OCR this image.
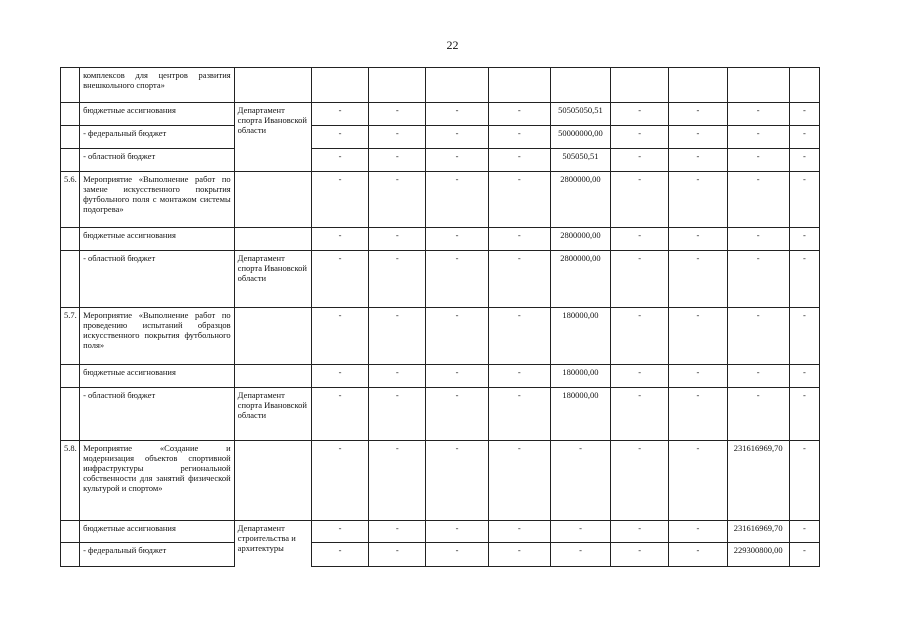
22
	комплексов для центров развития внешкольного спорта»										
	бюджетные ассигнования	Департамент спорта Ивановской области	-	-	-	-	50505050,51	-	-	-	-
	- федеральный бюджет		-	-	-	-	50000000,00	-	-	-	-
	- областной бюджет		-	-	-	-	505050,51	-	-	-	-
5.6.	Мероприятие «Выполнение работ по замене искусственного покрытия футбольного поля с монтажом системы подогрева»		-	-	-	-	2800000,00	-	-	-	-
	бюджетные ассигнования		-	-	-	-	2800000,00	-	-	-	-
	- областной бюджет	Департамент спорта Ивановской области	-	-	-	-	2800000,00	-	-	-	-
5.7.	Мероприятие «Выполнение работ по проведению испытаний образцов искусственного покрытия футбольного поля»		-	-	-	-	180000,00	-	-	-	-
	бюджетные ассигнования		-	-	-	-	180000,00	-	-	-	-
	- областной бюджет	Департамент спорта Ивановской области	-	-	-	-	180000,00	-	-	-	-
5.8.	Мероприятие «Создание и модернизация объектов спортивной инфраструктуры региональной собственности для занятий физической культурой и спортом»		-	-	-	-	-	-	-	231616969,70	-
	бюджетные ассигнования	Департамент строительства и архитектуры	-	-	-	-	-	-	-	231616969,70	-
	- федеральный бюджет		-	-	-	-	-	-	-	229300800,00	-
